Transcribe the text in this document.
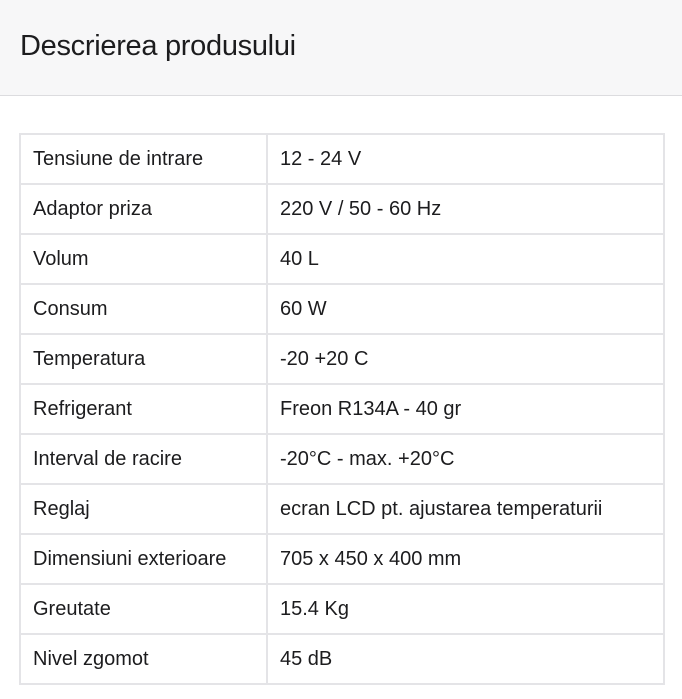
Descrierea produsului
Tensiune de intrare	12 - 24 V
Adaptor priza	220 V / 50 - 60 Hz
Volum	40 L
Consum	60 W
Temperatura	-20 +20 C
Refrigerant	Freon R134A - 40 gr
Interval de racire	-20°C - max. +20°C
Reglaj	ecran LCD pt. ajustarea temperaturii
Dimensiuni exterioare	705 x 450 x 400 mm
Greutate	15.4 Kg
Nivel zgomot	45 dB
